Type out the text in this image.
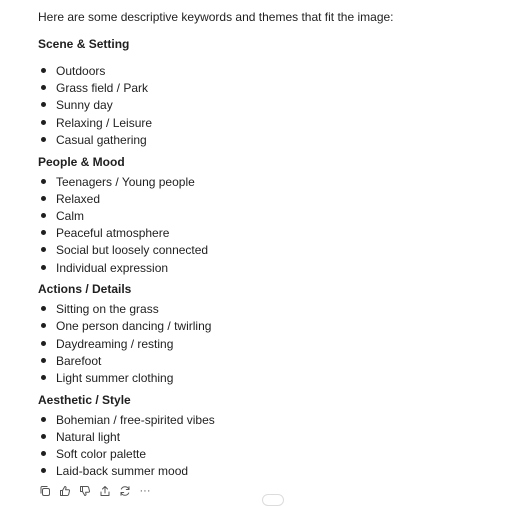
Here are some descriptive keywords and themes that fit the image:
Scene & Setting
Outdoors
Grass field / Park
Sunny day
Relaxing / Leisure
Casual gathering
People & Mood
Teenagers / Young people
Relaxed
Calm
Peaceful atmosphere
Social but loosely connected
Individual expression
Actions / Details
Sitting on the grass
One person dancing / twirling
Daydreaming / resting
Barefoot
Light summer clothing
Aesthetic / Style
Bohemian / free-spirited vibes
Natural light
Soft color palette
Laid-back summer mood
···
